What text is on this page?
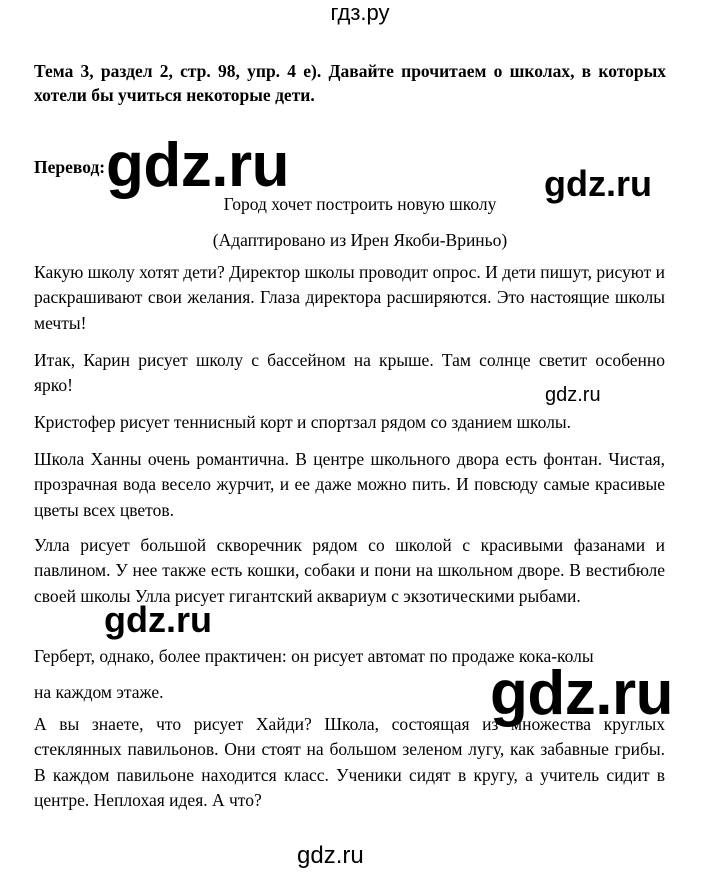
гдз.ру
Тема 3, раздел 2, стр. 98, упр. 4 е). Давайте прочитаем о школах, в которых хотели бы учиться некоторые дети.
Перевод:
Город хочет построить новую школу
(Адаптировано из Ирен Якоби-Вриньо)
Какую школу хотят дети? Директор школы проводит опрос. И дети пишут, рисуют и раскрашивают свои желания. Глаза директора расширяются. Это настоящие школы мечты!
Итак, Карин рисует школу с бассейном на крыше. Там солнце светит особенно ярко!
Кристофер рисует теннисный корт и спортзал рядом со зданием школы.
Школа Ханны очень романтична. В центре школьного двора есть фонтан. Чистая, прозрачная вода весело журчит, и ее даже можно пить. И повсюду самые красивые цветы всех цветов.
Улла рисует большой скворечник рядом со школой с красивыми фазанами и павлином. У нее также есть кошки, собаки и пони на школьном дворе. В вестибюле своей школы Улла рисует гигантский аквариум с экзотическими рыбами.
Герберт, однако, более практичен: он рисует автомат по продаже кока-колы
на каждом этаже.
А вы знаете, что рисует Хайди? Школа, состоящая из множества круглых стеклянных павильонов. Они стоят на большом зеленом лугу, как забавные грибы. В каждом павильоне находится класс. Ученики сидят в кругу, а учитель сидит в центре. Неплохая идея. А что?
gdz.ru	gdz.ru
gdz.ru
gdz.ru
gdz.ru
gdz.ru
